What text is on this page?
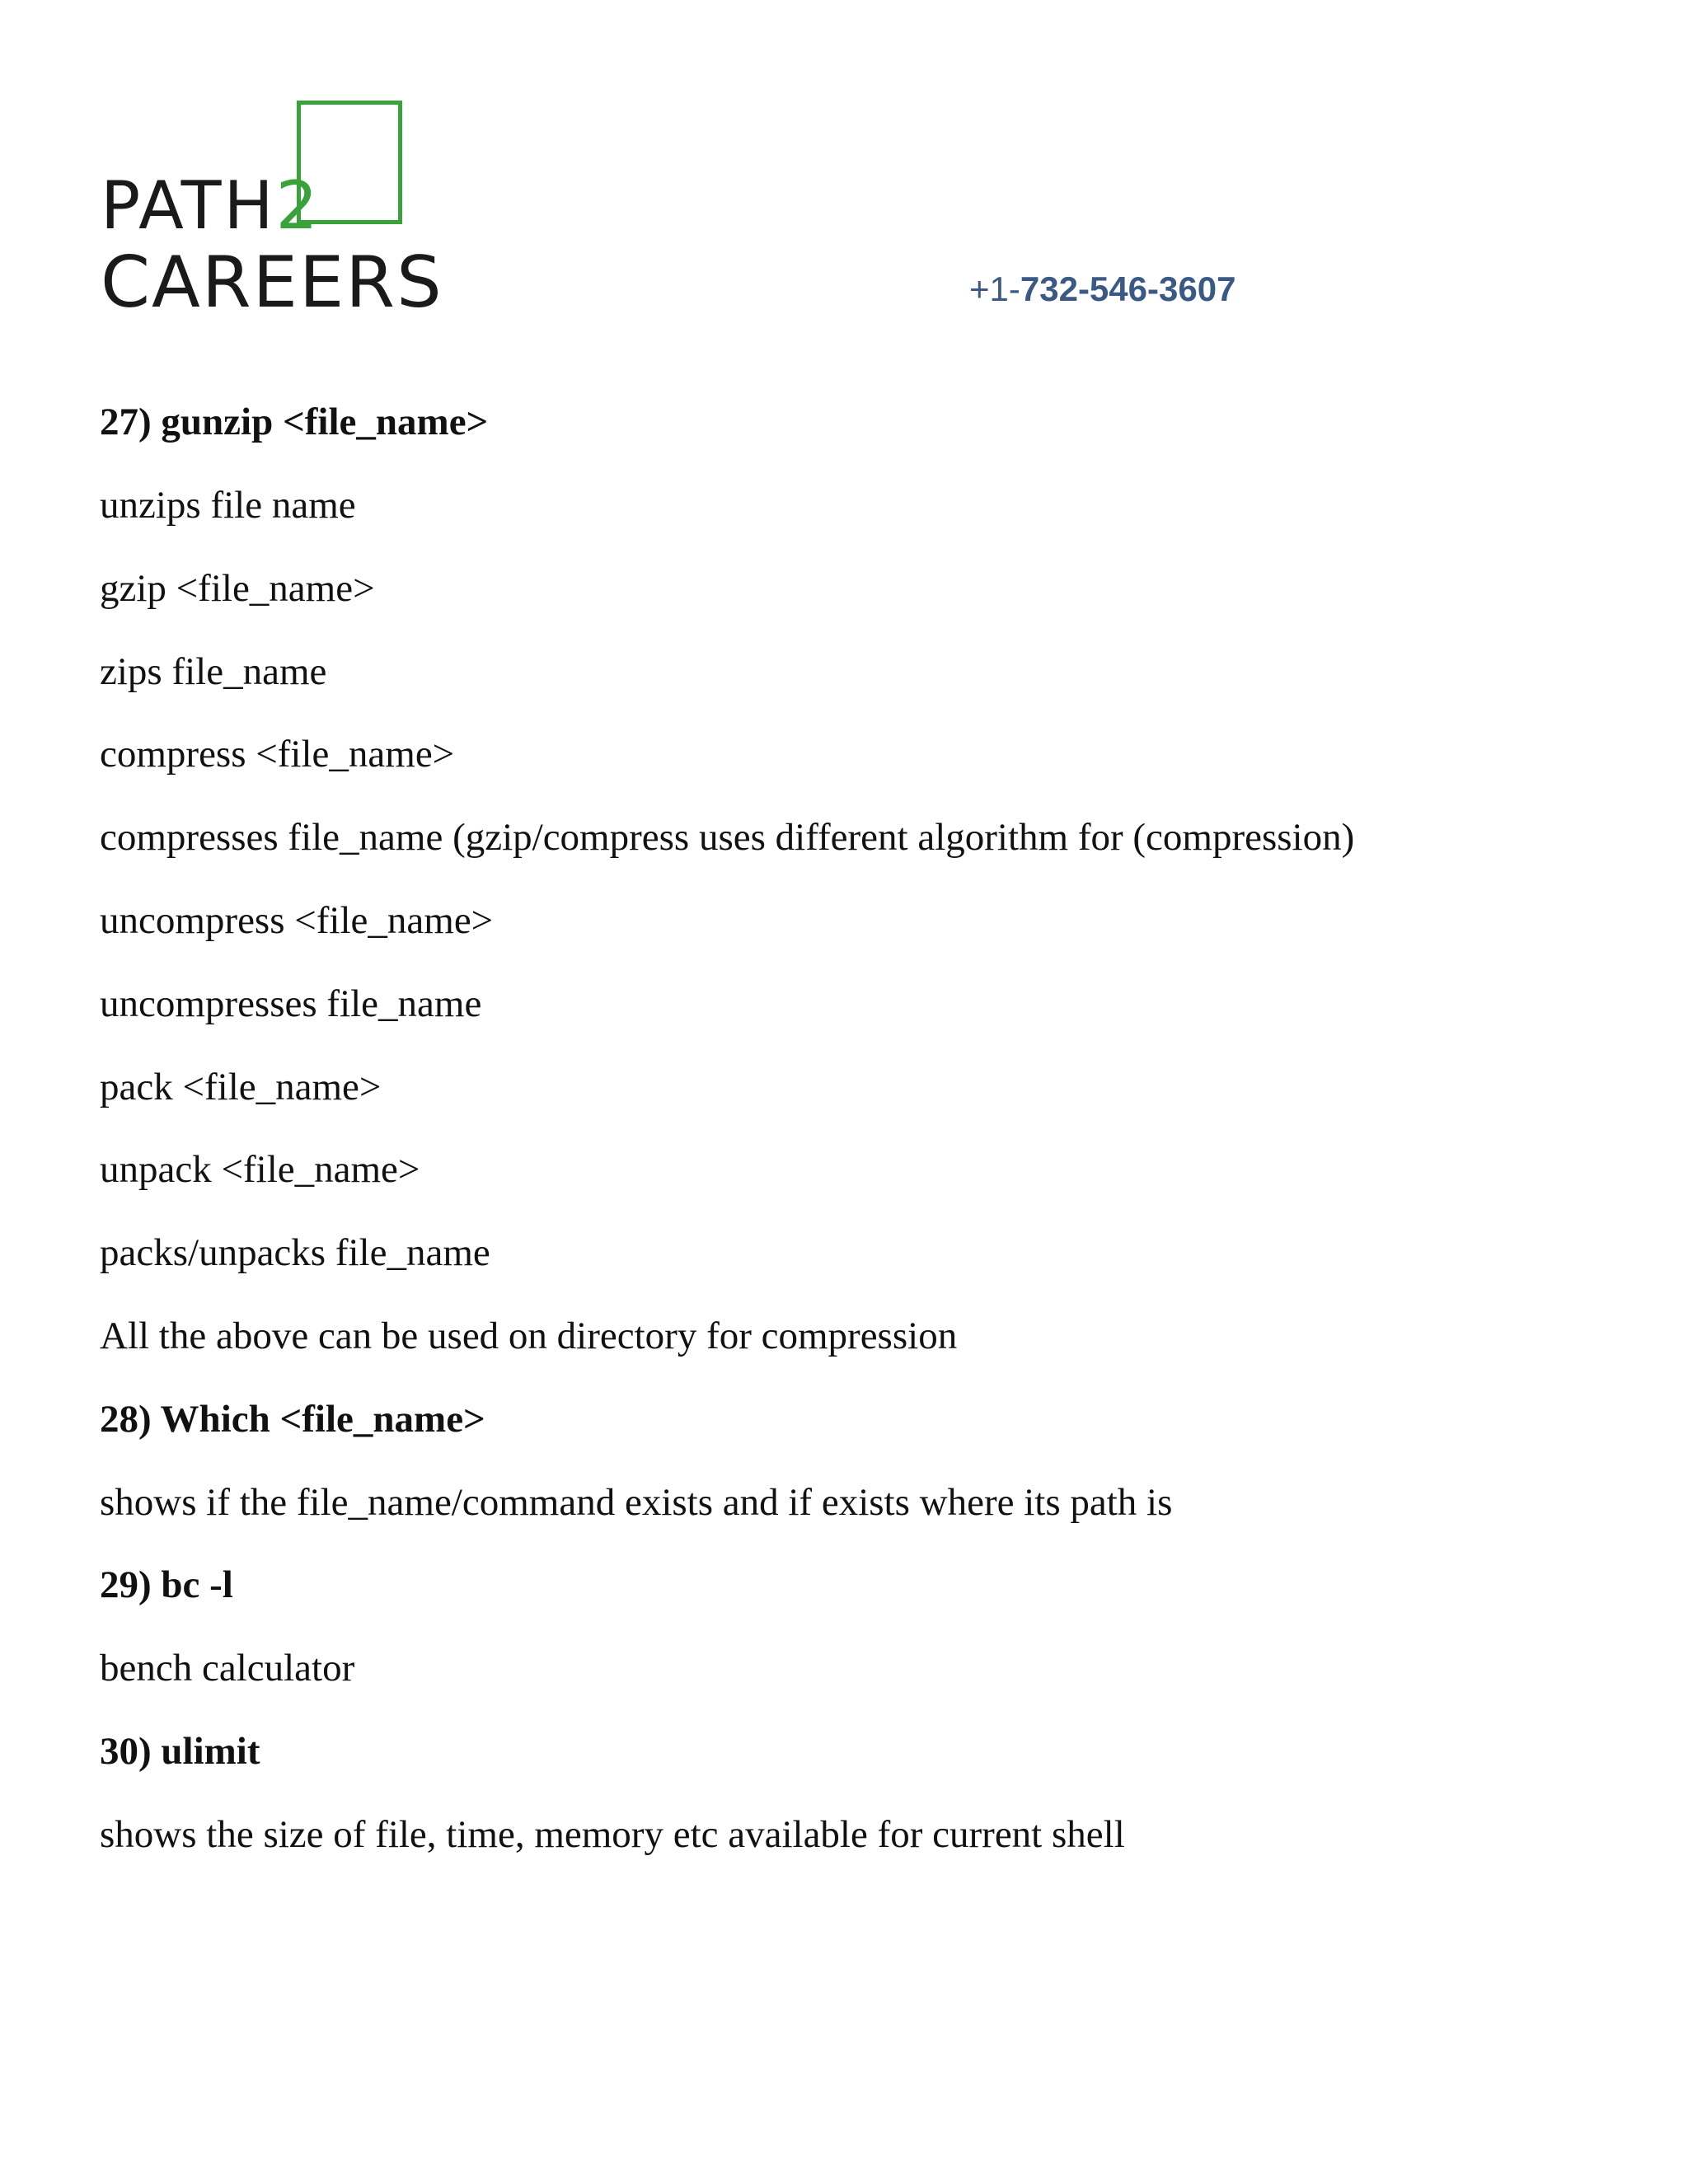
PATH2
CAREERS	+1-732-546-3607
27) gunzip <file_name>
unzips file name
gzip <file_name>
zips file_name
compress <file_name>
compresses file_name (gzip/compress uses different algorithm for (compression)
uncompress <file_name>
uncompresses file_name
pack <file_name>
unpack <file_name>
packs/unpacks file_name
All the above can be used on directory for compression
28) Which <file_name>
shows if the file_name/command exists and if exists where its path is
29) bc -l
bench calculator
30) ulimit
shows the size of file, time, memory etc available for current shell
